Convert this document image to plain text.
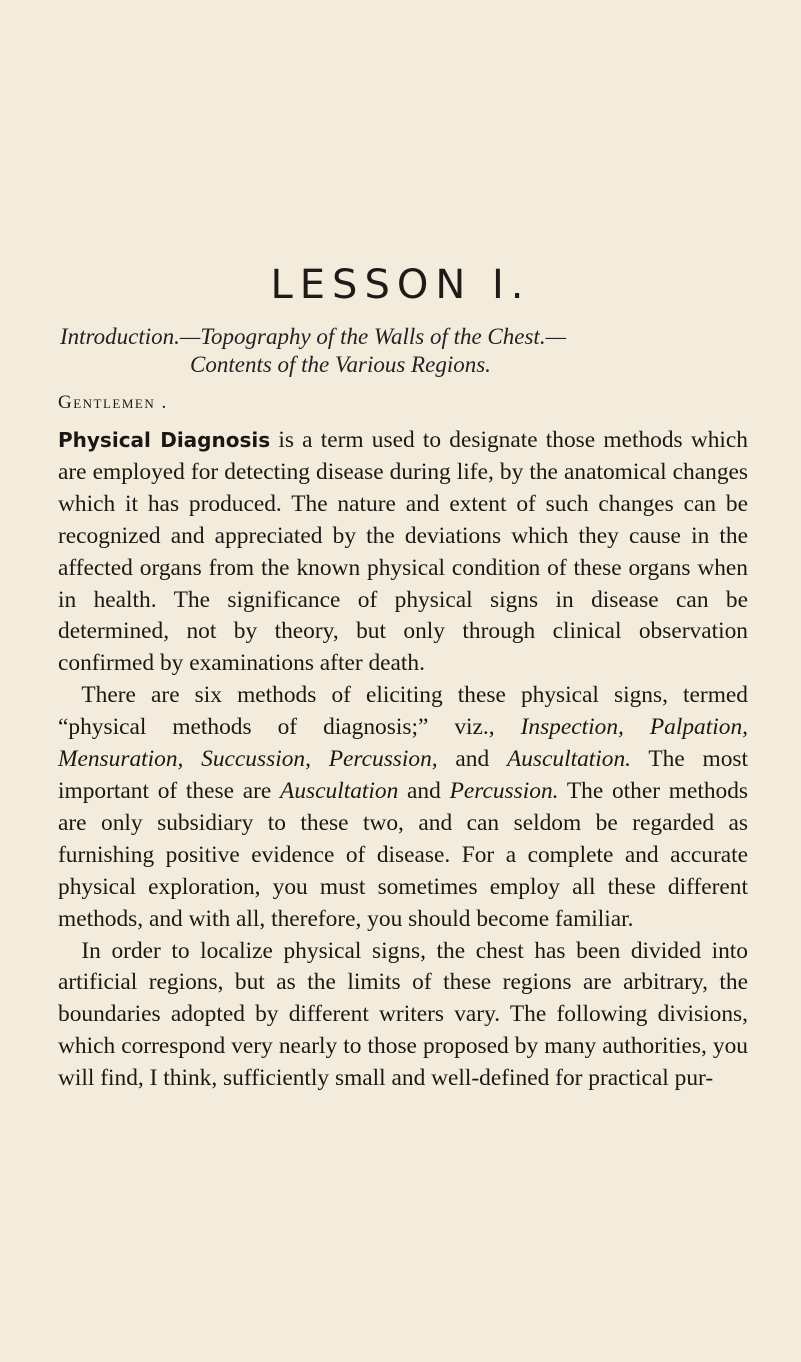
LESSON I.
Introduction.—Topography of the Walls of the Chest.—
Contents of the Various Regions.
Gentlemen .

Physical Diagnosis is a term used to designate those methods which are employed for detecting disease during life, by the anatomical changes which it has produced. The nature and extent of such changes can be recognized and appreciated by the deviations which they cause in the affected organs from the known physical condition of these organs when in health. The significance of physical signs in disease can be determined, not by theory, but only through clinical observation confirmed by examinations after death.

 There are six methods of eliciting these physical signs, termed “physical methods of diagnosis;” viz., Inspection, Palpation, Mensuration, Succussion, Percussion, and Auscultation. The most important of these are Auscultation and Percussion. The other methods are only subsidiary to these two, and can seldom be regarded as furnishing positive evidence of disease. For a complete and accurate physical exploration, you must sometimes employ all these different methods, and with all, therefore, you should become familiar.

 In order to localize physical signs, the chest has been divided into artificial regions, but as the limits of these regions are arbitrary, the boundaries adopted by different writers vary. The following divisions, which correspond very nearly to those proposed by many authorities, you will find, I think, sufficiently small and well-defined for practical pur-
